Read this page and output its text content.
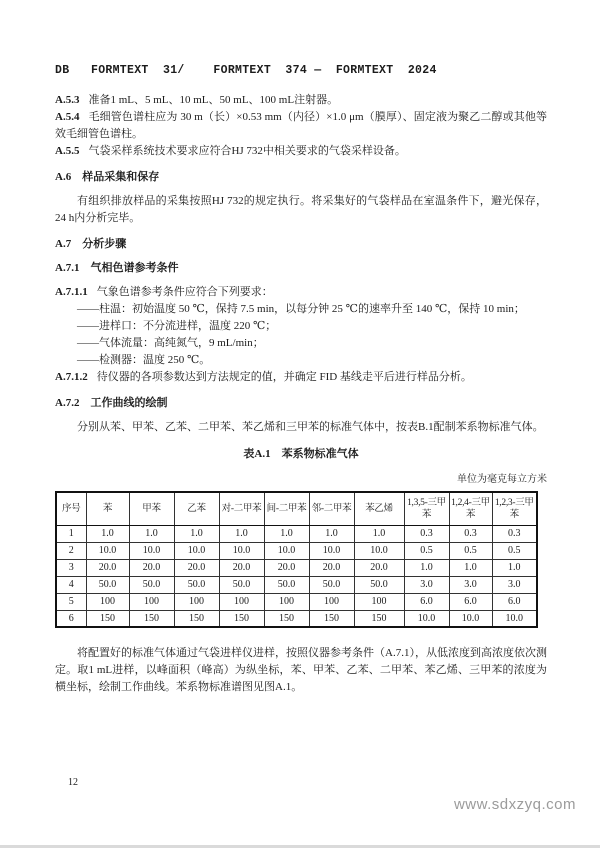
DB   FORMTEXT  31/    FORMTEXT  374 —  FORMTEXT  2024

A.5.3 准备1 mL、5 mL、10 mL、50 mL、100 mL注射器。

A.5.4 毛细管色谱柱应为 30 m（长）×0.53 mm（内径）×1.0 μm（膜厚）、固定液为聚乙二醇或其他等效毛细管色谱柱。

A.5.5 气袋采样系统技术要求应符合HJ 732中相关要求的气袋采样设备。

A.6　样品采集和保存

有组织排放样品的采集按照HJ 732的规定执行。将采集好的气袋样品在室温条件下，避光保存，24 h内分析完毕。

A.7　分析步骤

A.7.1　气相色谱参考条件

A.7.1.1 气象色谱参考条件应符合下列要求：

——柱温：初始温度 50 ℃，保持 7.5 min，以每分钟 25 ℃的速率升至 140 ℃，保持 10 min；

——进样口：不分流进样，温度 220 ℃；

——气体流量：高纯氮气，9 mL/min；

——检测器：温度 250 ℃。

A.7.1.2 待仪器的各项参数达到方法规定的值，并确定 FID 基线走平后进行样品分析。

A.7.2　工作曲线的绘制

分别从苯、甲苯、乙苯、二甲苯、苯乙烯和三甲苯的标准气体中，按表B.1配制苯系物标准气体。

表A.1　苯系物标准气体

单位为毫克每立方米

序号	苯	甲苯	乙苯	对-二甲苯	间-二甲苯	邻-二甲苯	苯乙烯	1,3,5-三甲苯	1,2,4-三甲苯	1,2,3-三甲苯
1	1.0	1.0	1.0	1.0	1.0	1.0	1.0	0.3	0.3	0.3
2	10.0	10.0	10.0	10.0	10.0	10.0	10.0	0.5	0.5	0.5
3	20.0	20.0	20.0	20.0	20.0	20.0	20.0	1.0	1.0	1.0
4	50.0	50.0	50.0	50.0	50.0	50.0	50.0	3.0	3.0	3.0
5	100	100	100	100	100	100	100	6.0	6.0	6.0
6	150	150	150	150	150	150	150	10.0	10.0	10.0

将配置好的标准气体通过气袋进样仪进样，按照仪器参考条件（A.7.1），从低浓度到高浓度依次测定。取1 mL进样，以峰面积（峰高）为纵坐标，苯、甲苯、乙苯、二甲苯、苯乙烯、三甲苯的浓度为横坐标，绘制工作曲线。苯系物标准谱图见图A.1。

12
www.sdxzyq.com
